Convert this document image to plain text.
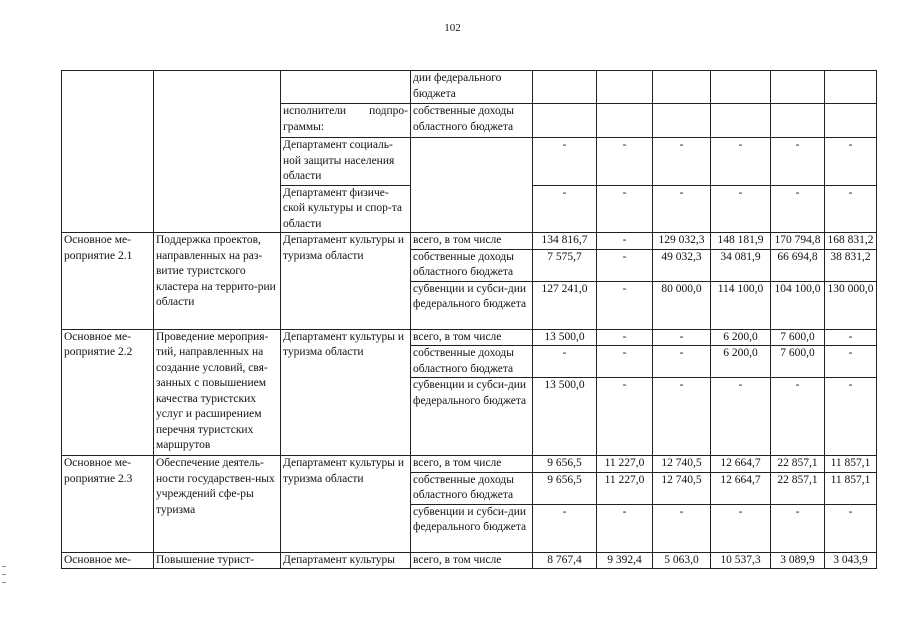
102
			дии федерального бюджета						
		исполнители подпро-граммы:	собственные доходы областного бюджета						
		Департамент социаль-ной защиты населения области		-	-	-	-	-	-
		Департамент физиче-ской культуры и спор-та области		-	-	-	-	-	-
Основное ме-роприятие 2.1	Поддержка проектов, направленных на раз-витие туристского кластера на террито-рии области	Департамент культуры и туризма области	всего, в том числе	134 816,7	-	129 032,3	148 181,9	170 794,8	168 831,2
			собственные доходы областного бюджета	7 575,7	-	49 032,3	34 081,9	66 694,8	38 831,2
			субвенции и субси-дии федерального бюджета	127 241,0	-	80 000,0	114 100,0	104 100,0	130 000,0
Основное ме-роприятие 2.2	Проведение мероприя-тий, направленных на создание условий, свя-занных с повышением качества туристских услуг и расширением перечня туристских маршрутов	Департамент культуры и туризма области	всего, в том числе	13 500,0	-	-	6 200,0	7 600,0	-
			собственные доходы областного бюджета	-	-	-	6 200,0	7 600,0	-
			субвенции и субси-дии федерального бюджета	13 500,0	-	-	-	-	-
Основное ме-роприятие 2.3	Обеспечение деятель-ности государствен-ных учреждений сфе-ры туризма	Департамент культуры и туризма области	всего, в том числе	9 656,5	11 227,0	12 740,5	12 664,7	22 857,1	11 857,1
			собственные доходы областного бюджета	9 656,5	11 227,0	12 740,5	12 664,7	22 857,1	11 857,1
			субвенции и субси-дии федерального бюджета	-	-	-	-	-	-
Основное ме-	Повышение турист-	Департамент культуры	всего, в том числе	8 767,4	9 392,4	5 063,0	10 537,3	3 089,9	3 043,9
